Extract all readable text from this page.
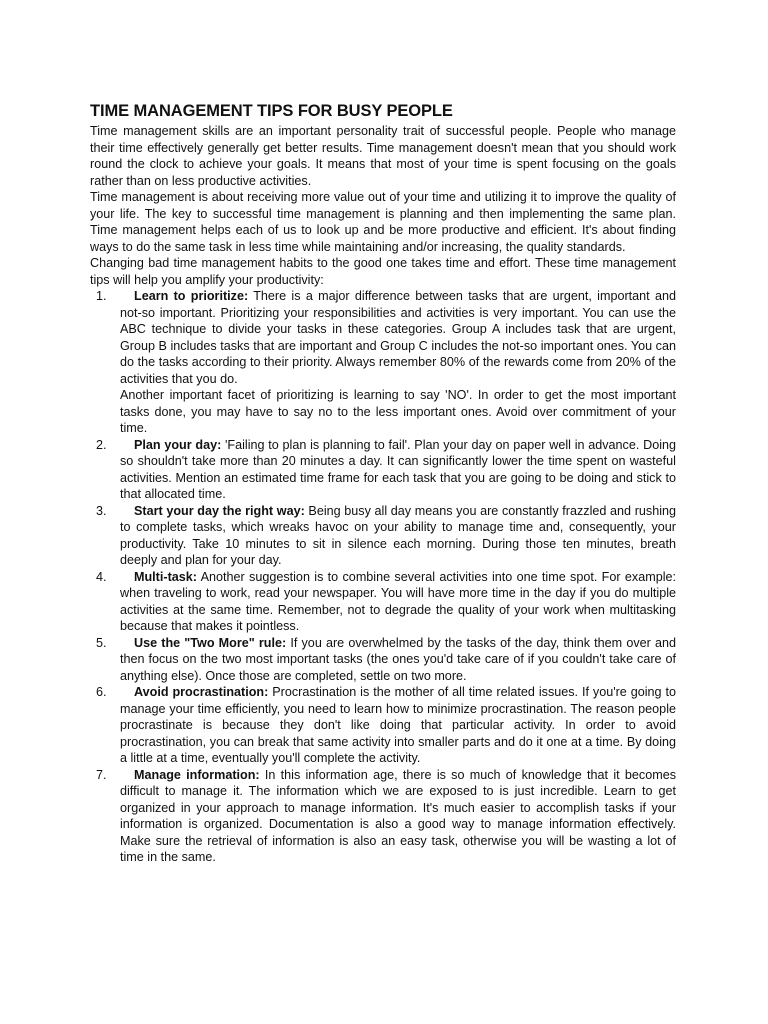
TIME MANAGEMENT TIPS FOR BUSY PEOPLE

Time management skills are an important personality trait of successful people. People who manage their time effectively generally get better results. Time management doesn't mean that you should work round the clock to achieve your goals. It means that most of your time is spent focusing on the goals rather than on less productive activities.

Time management is about receiving more value out of your time and utilizing it to improve the quality of your life. The key to successful time management is planning and then implementing the same plan. Time management helps each of us to look up and be more productive and efficient. It's about finding ways to do the same task in less time while maintaining and/or increasing, the quality standards.

Changing bad time management habits to the good one takes time and effort. These time management tips will help you amplify your productivity:

1. Learn to prioritize: There is a major difference between tasks that are urgent, important and not-so important. Prioritizing your responsibilities and activities is very important. You can use the ABC technique to divide your tasks in these categories. Group A includes task that are urgent, Group B includes tasks that are important and Group C includes the not-so important ones. You can do the tasks according to their priority. Always remember 80% of the rewards come from 20% of the activities that you do.

Another important facet of prioritizing is learning to say 'NO'. In order to get the most important tasks done, you may have to say no to the less important ones. Avoid over commitment of your time.

2. Plan your day: 'Failing to plan is planning to fail'. Plan your day on paper well in advance. Doing so shouldn't take more than 20 minutes a day. It can significantly lower the time spent on wasteful activities. Mention an estimated time frame for each task that you are going to be doing and stick to that allocated time.
3. Start your day the right way: Being busy all day means you are constantly frazzled and rushing to complete tasks, which wreaks havoc on your ability to manage time and, consequently, your productivity. Take 10 minutes to sit in silence each morning. During those ten minutes, breath deeply and plan for your day.
4. Multi-task: Another suggestion is to combine several activities into one time spot. For example: when traveling to work, read your newspaper. You will have more time in the day if you do multiple activities at the same time. Remember, not to degrade the quality of your work when multitasking because that makes it pointless.
5. Use the "Two More" rule: If you are overwhelmed by the tasks of the day, think them over and then focus on the two most important tasks (the ones you'd take care of if you couldn't take care of anything else). Once those are completed, settle on two more.
6. Avoid procrastination: Procrastination is the mother of all time related issues. If you're going to manage your time efficiently, you need to learn how to minimize procrastination. The reason people procrastinate is because they don't like doing that particular activity. In order to avoid procrastination, you can break that same activity into smaller parts and do it one at a time. By doing a little at a time, eventually you'll complete the activity.
7. Manage information: In this information age, there is so much of knowledge that it becomes difficult to manage it. The information which we are exposed to is just incredible. Learn to get organized in your approach to manage information. It's much easier to accomplish tasks if your information is organized. Documentation is also a good way to manage information effectively. Make sure the retrieval of information is also an easy task, otherwise you will be wasting a lot of time in the same.
